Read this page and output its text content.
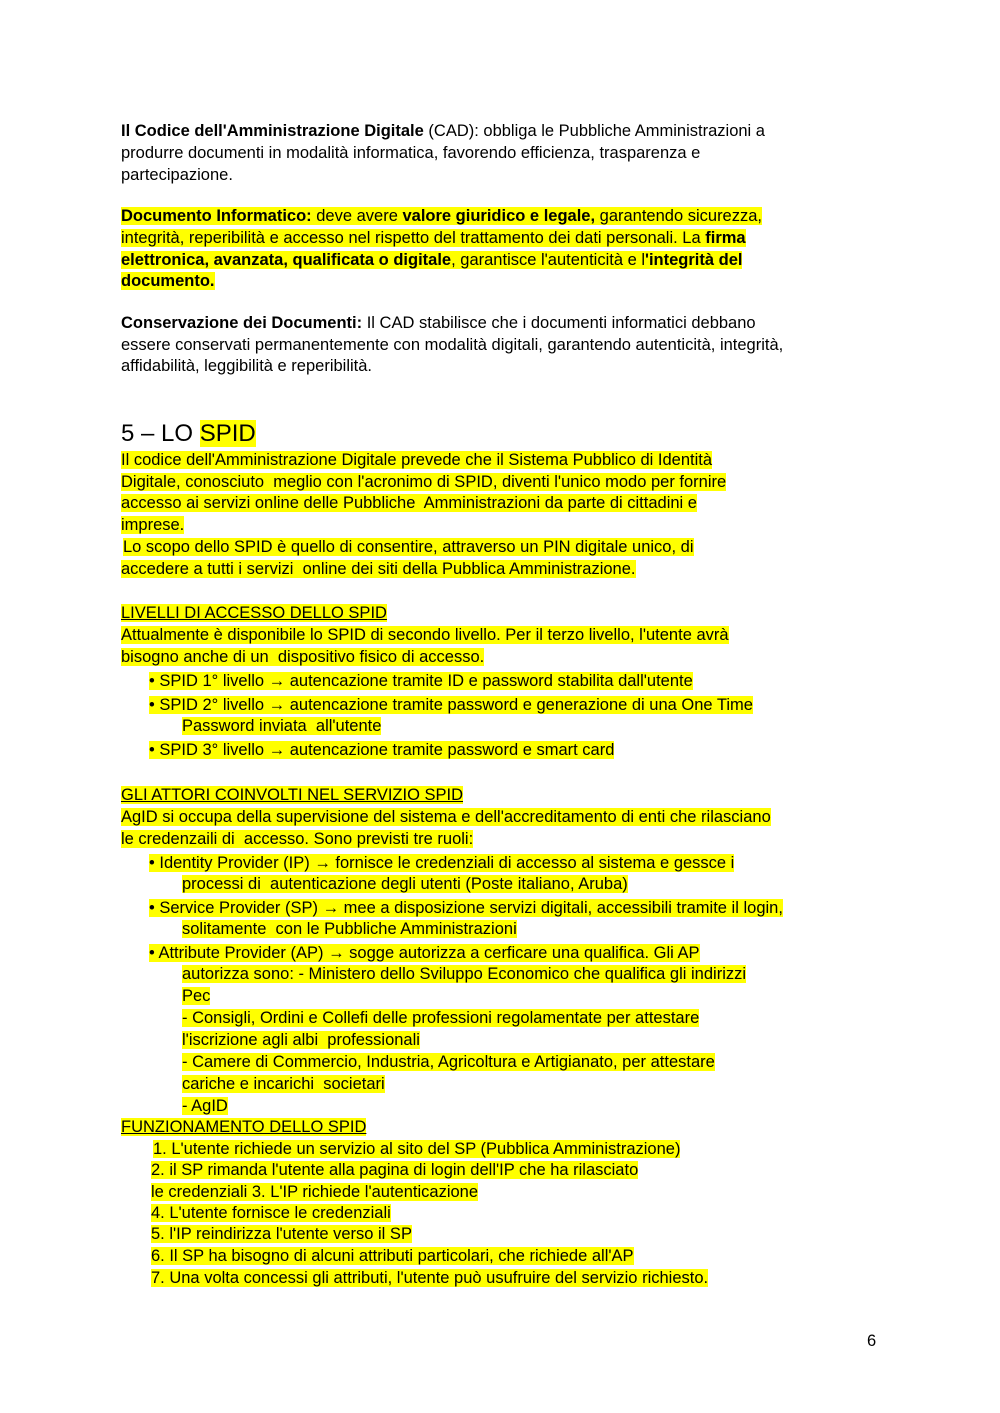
Il Codice dell'Amministrazione Digitale (CAD): obbliga le Pubbliche Amministrazioni a
produrre documenti in modalità informatica, favorendo efficienza, trasparenza e
partecipazione.
Documento Informatico: deve avere valore giuridico e legale, garantendo sicurezza,
integrità, reperibilità e accesso nel rispetto del trattamento dei dati personali. La firma
elettronica, avanzata, qualificata o digitale, garantisce l'autenticità e l'integrità del
documento.
Conservazione dei Documenti: Il CAD stabilisce che i documenti informatici debbano
essere conservati permanentemente con modalità digitali, garantendo autenticità, integrità,
affidabilità, leggibilità e reperibilità.
5 – LO SPID
Il codice dell'Amministrazione Digitale prevede che il Sistema Pubblico di Identità
Digitale, conosciuto  meglio con l'acronimo di SPID, diventi l'unico modo per fornire
accesso ai servizi online delle Pubbliche  Amministrazioni da parte di cittadini e
imprese.
Lo scopo dello SPID è quello di consentire, attraverso un PIN digitale unico, di
accedere a tutti i servizi  online dei siti della Pubblica Amministrazione.
LIVELLI DI ACCESSO DELLO SPID
Attualmente è disponibile lo SPID di secondo livello. Per il terzo livello, l'utente avrà
bisogno anche di un  dispositivo fisico di accesso.
• SPID 1° livello → autencazione tramite ID e password stabilita dall'utente
• SPID 2° livello → autencazione tramite password e generazione di una One Time
Password inviata  all'utente
• SPID 3° livello → autencazione tramite password e smart card
GLI ATTORI COINVOLTI NEL SERVIZIO SPID
AgID si occupa della supervisione del sistema e dell'accreditamento di enti che rilasciano
le credenzaili di  accesso. Sono previsti tre ruoli:
• Identity Provider (IP) → fornisce le credenziali di accesso al sistema e gessce i
processi di  autenticazione degli utenti (Poste italiano, Aruba)
• Service Provider (SP) → mee a disposizione servizi digitali, accessibili tramite il login,
solitamente  con le Pubbliche Amministrazioni
• Attribute Provider (AP) → sogge autorizza a cerficare una qualifica. Gli AP
autorizza sono: - Ministero dello Sviluppo Economico che qualifica gli indirizzi
Pec
- Consigli, Ordini e Collefi delle professioni regolamentate per attestare
l'iscrizione agli albi  professionali
- Camere di Commercio, Industria, Agricoltura e Artigianato, per attestare
cariche e incarichi  societari
- AgID
FUNZIONAMENTO DELLO SPID
1. L'utente richiede un servizio al sito del SP (Pubblica Amministrazione)
2. il SP rimanda l'utente alla pagina di login dell'IP che ha rilasciato
le credenziali 3. L'IP richiede l'autenticazione
4. L'utente fornisce le credenziali
5. l'IP reindirizza l'utente verso il SP
6. Il SP ha bisogno di alcuni attributi particolari, che richiede all'AP
7. Una volta concessi gli attributi, l'utente può usufruire del servizio richiesto.
6
